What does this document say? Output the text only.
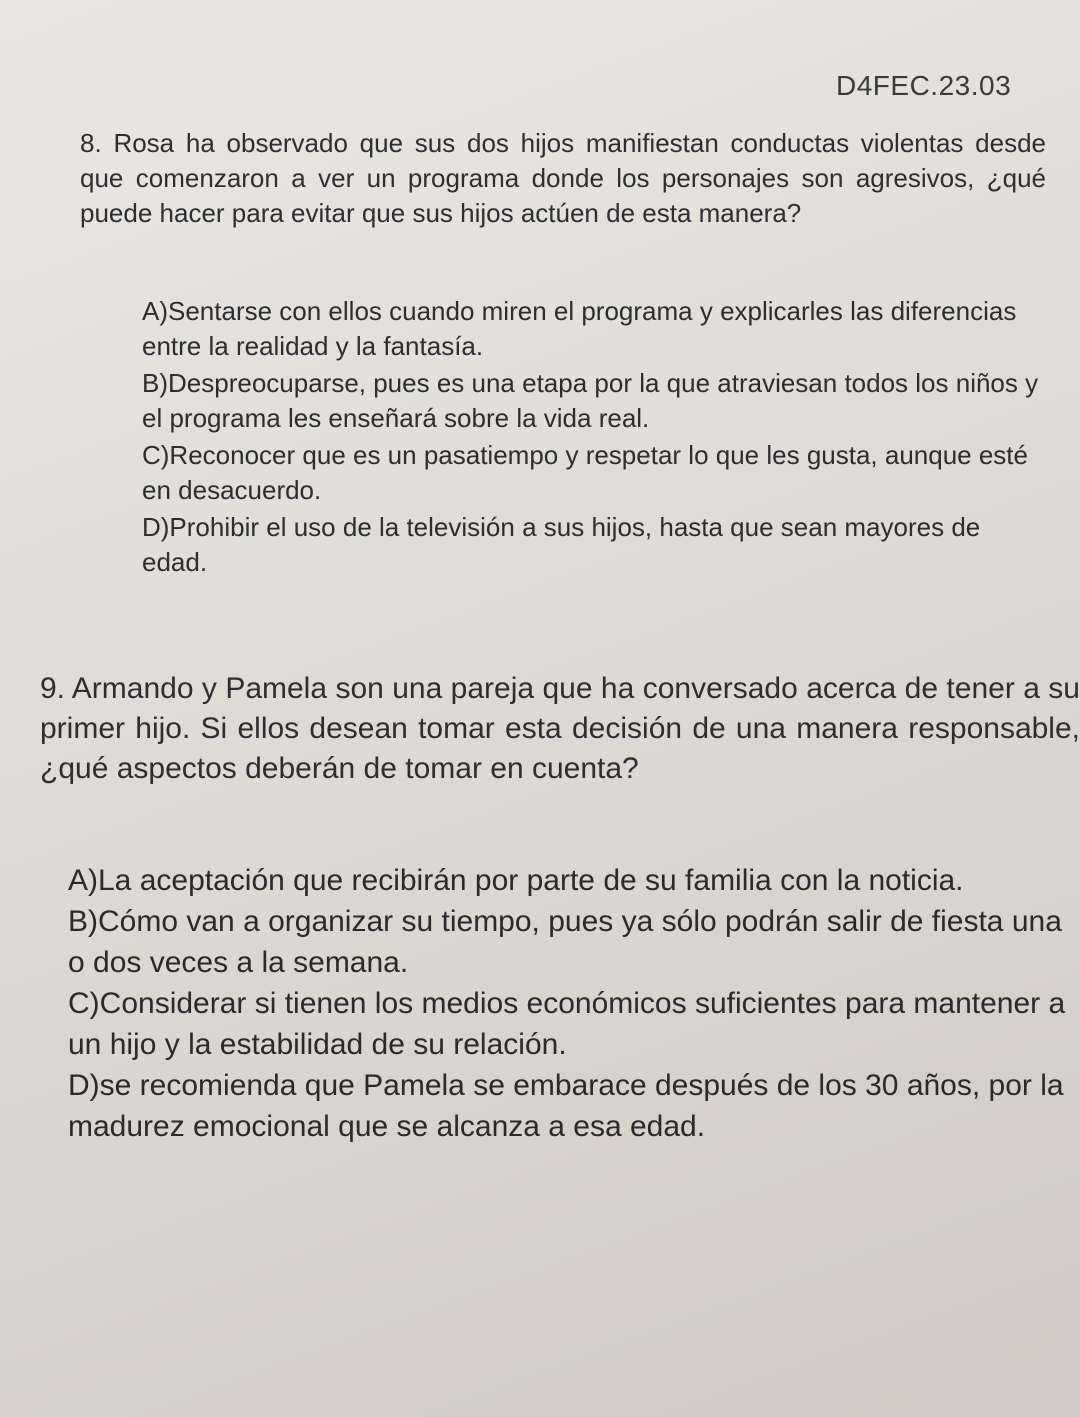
D4FEC.23.03

8. Rosa ha observado que sus dos hijos manifiestan conductas violentas desde que comenzaron a ver un programa donde los personajes son agresivos, ¿qué puede hacer para evitar que sus hijos actúen de esta manera?
A)Sentarse con ellos cuando miren el programa y explicarles las diferencias entre la realidad y la fantasía.
B)Despreocuparse, pues es una etapa por la que atraviesan todos los niños y el programa les enseñará sobre la vida real.
C)Reconocer que es un pasatiempo y respetar lo que les gusta, aunque esté en desacuerdo.
D)Prohibir el uso de la televisión a sus hijos, hasta que sean mayores de edad.
9. Armando y Pamela son una pareja que ha conversado acerca de tener a su primer hijo. Si ellos desean tomar esta decisión de una manera responsable, ¿qué aspectos deberán de tomar en cuenta?
A)La aceptación que recibirán por parte de su familia con la noticia.
B)Cómo van a organizar su tiempo, pues ya sólo podrán salir de fiesta una o dos veces a la semana.
C)Considerar si tienen los medios económicos suficientes para mantener a un hijo y la estabilidad de su relación.
D)se recomienda que Pamela se embarace después de los 30 años, por la madurez emocional que se alcanza a esa edad.
